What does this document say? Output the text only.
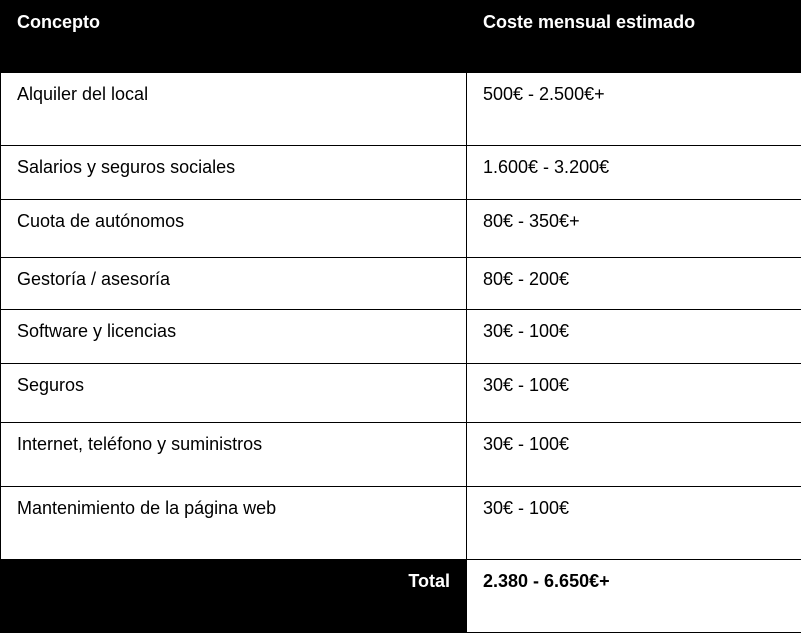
Concepto	Coste mensual estimado
Alquiler del local	500€ - 2.500€+
Salarios y seguros sociales	1.600€ - 3.200€
Cuota de autónomos	80€ - 350€+
Gestoría / asesoría	80€ - 200€
Software y licencias	30€ - 100€
Seguros	30€ - 100€
Internet, teléfono y suministros	30€ - 100€
Mantenimiento de la página web	30€ - 100€
Total	2.380 - 6.650€+
